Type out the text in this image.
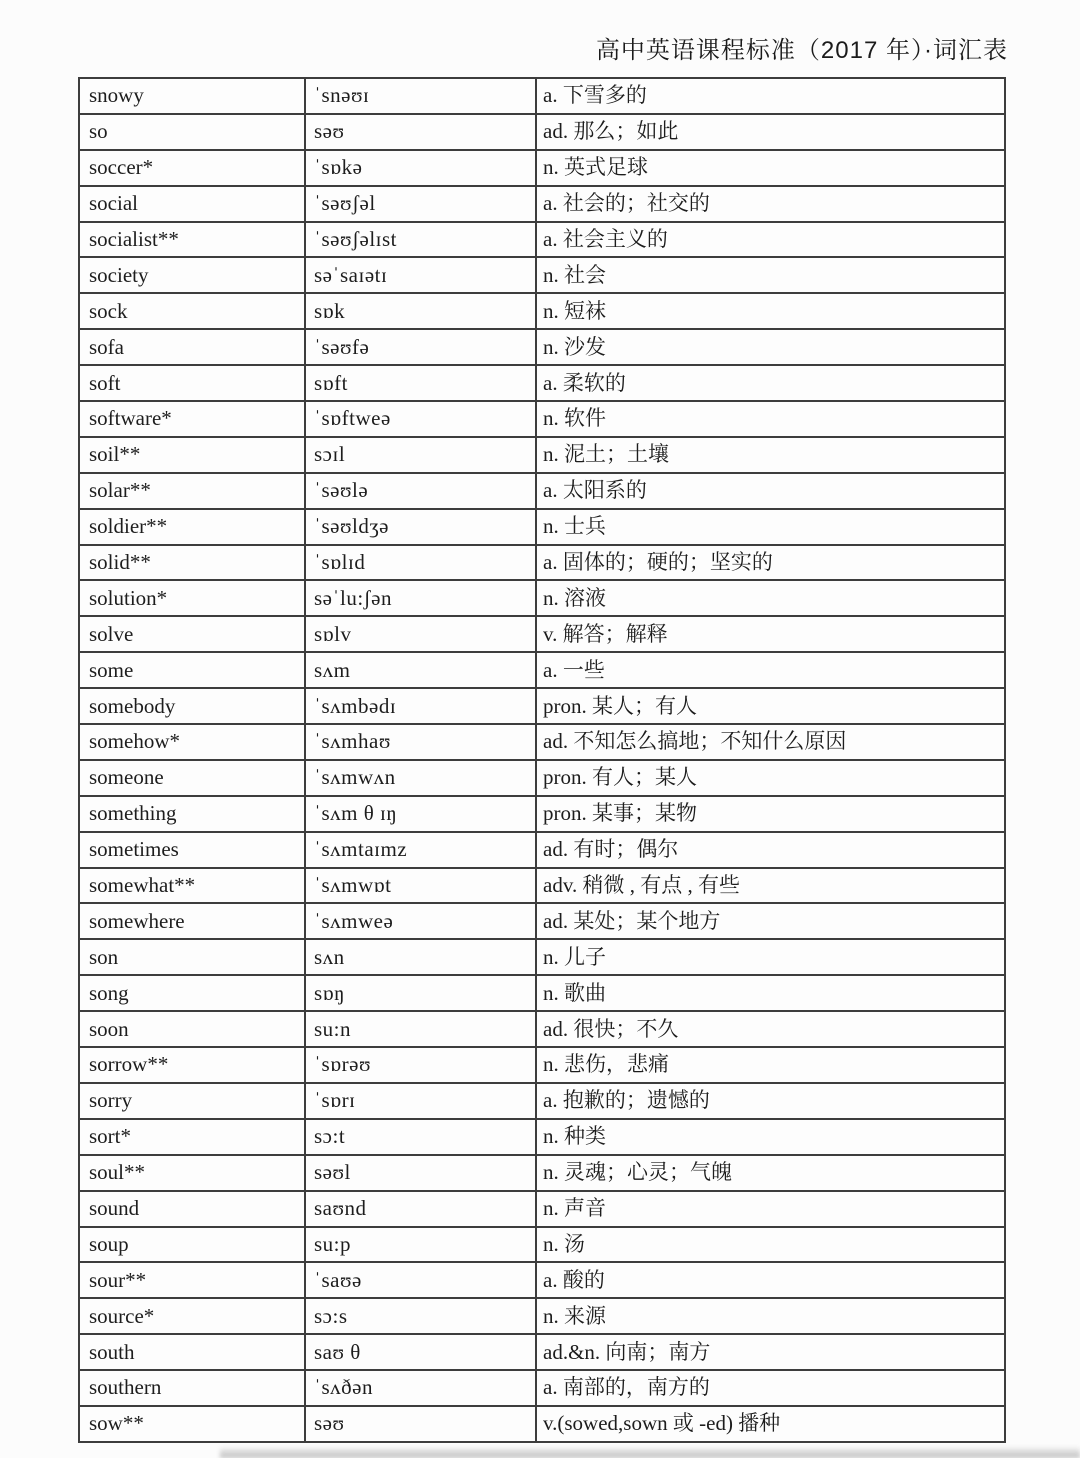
高中英语课程标准（2017 年）·词汇表
snowy	ˈsnəʊɪ	a. 下雪多的
so	səʊ	ad. 那么；如此
soccer*	ˈsɒkə	n. 英式足球
social	ˈsəʊʃəl	a. 社会的；社交的
socialist**	ˈsəʊʃəlɪst	a. 社会主义的
society	səˈsaɪətɪ	n. 社会
sock	sɒk	n. 短袜
sofa	ˈsəʊfə	n. 沙发
soft	sɒft	a. 柔软的
software*	ˈsɒftweə	n. 软件
soil**	sɔɪl	n. 泥土；土壤
solar**	ˈsəʊlə	a. 太阳系的
soldier**	ˈsəʊldʒə	n. 士兵
solid**	ˈsɒlɪd	a. 固体的；硬的；坚实的
solution*	səˈlu:ʃən	n. 溶液
solve	sɒlv	v. 解答；解释
some	sʌm	a. 一些
somebody	ˈsʌmbədɪ	pron. 某人；有人
somehow*	ˈsʌmhaʊ	ad. 不知怎么搞地；不知什么原因
someone	ˈsʌmwʌn	pron. 有人；某人
something	ˈsʌm θ ɪŋ	pron. 某事；某物
sometimes	ˈsʌmtaɪmz	ad. 有时；偶尔
somewhat**	ˈsʌmwɒt	adv. 稍微 , 有点 , 有些
somewhere	ˈsʌmweə	ad. 某处；某个地方
son	sʌn	n. 儿子
song	sɒŋ	n. 歌曲
soon	su:n	ad. 很快；不久
sorrow**	ˈsɒrəʊ	n. 悲伤，悲痛
sorry	ˈsɒrɪ	a. 抱歉的；遗憾的
sort*	sɔ:t	n. 种类
soul**	səʊl	n. 灵魂；心灵；气魄
sound	saʊnd	n. 声音
soup	su:p	n. 汤
sour**	ˈsaʊə	a. 酸的
source*	sɔ:s	n. 来源
south	saʊ θ	ad.&n. 向南；南方
southern	ˈsʌðən	a. 南部的，南方的
sow**	səʊ	v.(sowed,sown 或 -ed) 播种
